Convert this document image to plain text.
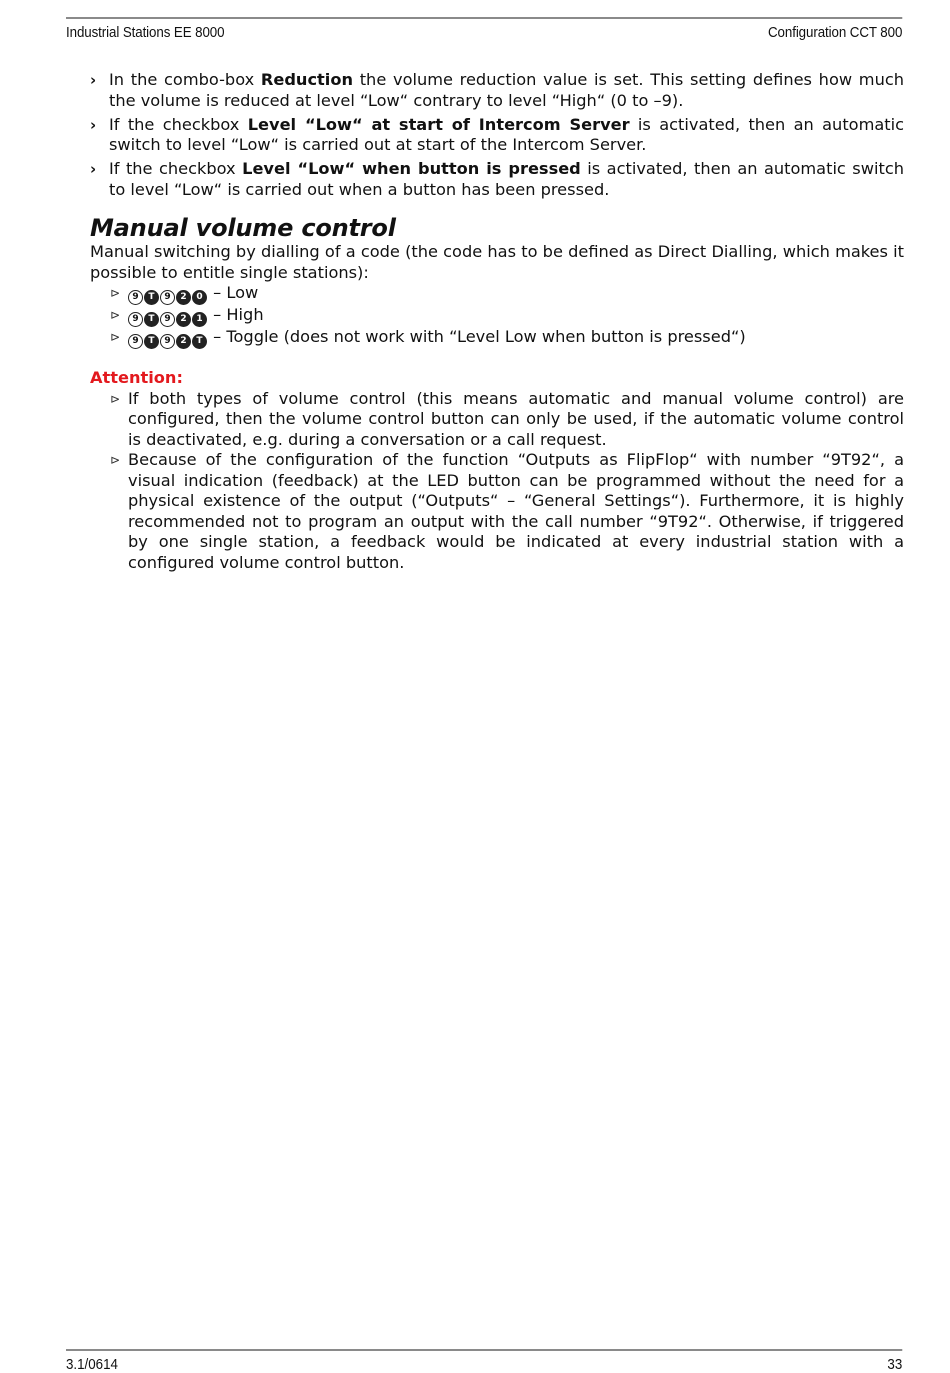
Industrial Stations EE 8000	Configuration CCT 800
› In the combo-box Reduction the volume reduction value is set. This setting defines how much the volume is reduced at level “Low“ contrary to level “High“ (0 to –9).
› If the checkbox Level “Low“ at start of Intercom Server is activated, then an automatic switch to level “Low“ is carried out at start of the Intercom Server.
› If the checkbox Level “Low“ when button is pressed is activated, then an automatic switch to level “Low“ is carried out when a button has been pressed.
Manual volume control

Manual switching by dialling of a code (the code has to be defined as Direct Dialling, which makes it possible to entitle single stations):

⊳ 9 T 9 2 0 – Low
⊳ 9 T 9 2 1 – High
⊳ 9 T 9 2 T – Toggle (does not work with “Level Low when button is pressed“)
Attention:
⊳ If both types of volume control (this means automatic and manual volume control) are configured, then the volume control button can only be used, if the automatic volume control is deactivated, e.g. during a conversation or a call request.
⊳ Because of the configuration of the function “Outputs as FlipFlop“ with number “9T92“, a visual indication (feedback) at the LED button can be programmed without the need for a physical existence of the output (“Outputs“ – “General Settings“). Furthermore, it is highly recommended not to program an output with the call number “9T92“. Otherwise, if triggered by one single station, a feedback would be indicated at every industrial station with a configured volume control button.
3.1/0614	33
